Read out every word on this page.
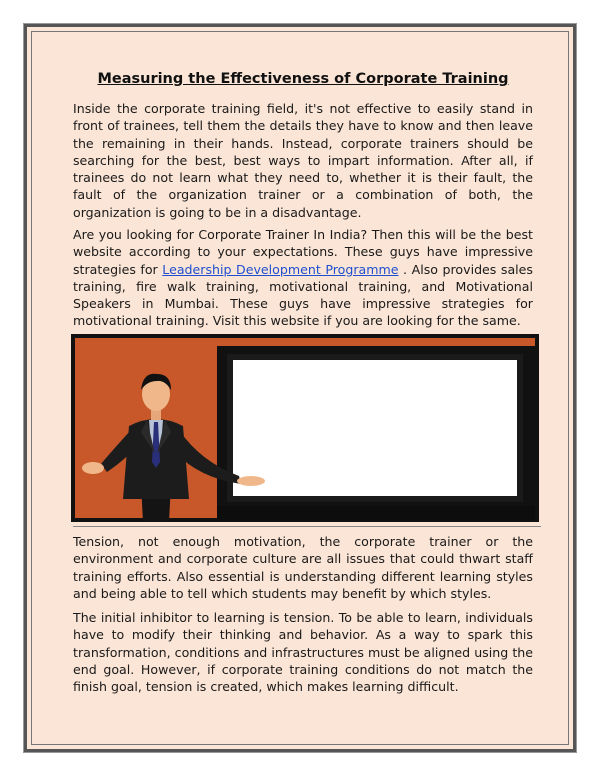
Measuring the Effectiveness of Corporate Training

Inside the corporate training field, it's not effective to easily stand in front of trainees, tell them the details they have to know and then leave the remaining in their hands. Instead, corporate trainers should be searching for the best, best ways to impart information. After all, if trainees do not learn what they need to, whether it is their fault, the fault of the organization trainer or a combination of both, the organization is going to be in a disadvantage.

Are you looking for Corporate Trainer In India? Then this will be the best website according to your expectations. These guys have impressive strategies for Leadership Development Programme . Also provides sales training, fire walk training, motivational training, and Motivational Speakers in Mumbai. These guys have impressive strategies for motivational training. Visit this website if you are looking for the same.

Tension, not enough motivation, the corporate trainer or the environment and corporate culture are all issues that could thwart staff training efforts. Also essential is understanding different learning styles and being able to tell which students may benefit by which styles.

The initial inhibitor to learning is tension. To be able to learn, individuals have to modify their thinking and behavior. As a way to spark this transformation, conditions and infrastructures must be aligned using the end goal. However, if corporate training conditions do not match the finish goal, tension is created, which makes learning difficult.
